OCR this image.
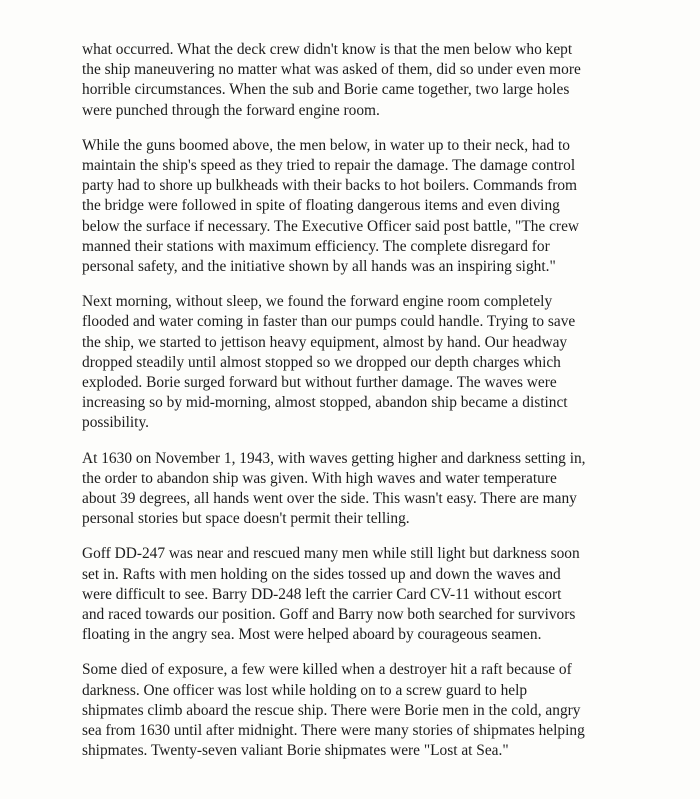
what occurred. What the deck crew didn't know is that the men below who kept
the ship maneuvering no matter what was asked of them, did so under even more
horrible circumstances. When the sub and Borie came together, two large holes
were punched through the forward engine room.

While the guns boomed above, the men below, in water up to their neck, had to
maintain the ship's speed as they tried to repair the damage. The damage control
party had to shore up bulkheads with their backs to hot boilers. Commands from
the bridge were followed in spite of floating dangerous items and even diving
below the surface if necessary. The Executive Officer said post battle, "The crew
manned their stations with maximum efficiency. The complete disregard for
personal safety, and the initiative shown by all hands was an inspiring sight."

Next morning, without sleep, we found the forward engine room completely
flooded and water coming in faster than our pumps could handle. Trying to save
the ship, we started to jettison heavy equipment, almost by hand. Our headway
dropped steadily until almost stopped so we dropped our depth charges which
exploded. Borie surged forward but without further damage. The waves were
increasing so by mid-morning, almost stopped, abandon ship became a distinct
possibility.

At 1630 on November 1, 1943, with waves getting higher and darkness setting in,
the order to abandon ship was given. With high waves and water temperature
about 39 degrees, all hands went over the side. This wasn't easy. There are many
personal stories but space doesn't permit their telling.

Goff DD-247 was near and rescued many men while still light but darkness soon
set in. Rafts with men holding on the sides tossed up and down the waves and
were difficult to see. Barry DD-248 left the carrier Card CV-11 without escort
and raced towards our position. Goff and Barry now both searched for survivors
floating in the angry sea. Most were helped aboard by courageous seamen.

Some died of exposure, a few were killed when a destroyer hit a raft because of
darkness. One officer was lost while holding on to a screw guard to help
shipmates climb aboard the rescue ship. There were Borie men in the cold, angry
sea from 1630 until after midnight. There were many stories of shipmates helping
shipmates. Twenty-seven valiant Borie shipmates were "Lost at Sea."
